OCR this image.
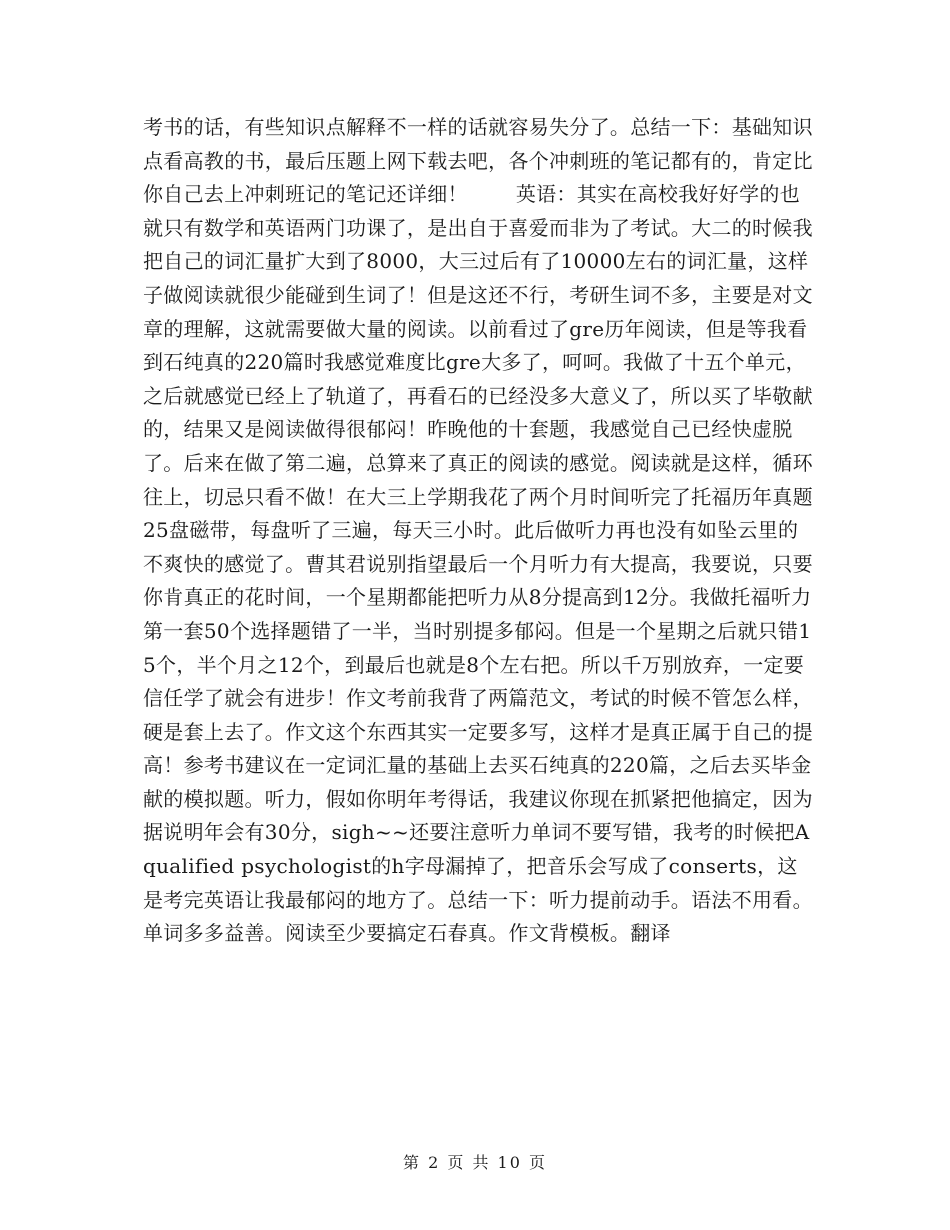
考书的话，有些知识点解释不一样的话就容易失分了。总结一下：基础知识点看高教的书，最后压题上网下载去吧，各个冲刺班的笔记都有的，肯定比你自己去上冲刺班记的笔记还详细！ 英语：其实在高校我好好学的也就只有数学和英语两门功课了，是出自于喜爱而非为了考试。大二的时候我把自己的词汇量扩大到了8000，大三过后有了10000左右的词汇量，这样子做阅读就很少能碰到生词了！但是这还不行，考研生词不多，主要是对文章的理解，这就需要做大量的阅读。以前看过了gre历年阅读，但是等我看到石纯真的220篇时我感觉难度比gre大多了，呵呵。我做了十五个单元，之后就感觉已经上了轨道了，再看石的已经没多大意义了，所以买了毕敬献的，结果又是阅读做得很郁闷！昨晚他的十套题，我感觉自己已经快虚脱了。后来在做了第二遍，总算来了真正的阅读的感觉。阅读就是这样，循环往上，切忌只看不做！在大三上学期我花了两个月时间听完了托福历年真题25盘磁带，每盘听了三遍，每天三小时。此后做听力再也没有如坠云里的不爽快的感觉了。曹其君说别指望最后一个月听力有大提高，我要说，只要你肯真正的花时间，一个星期都能把听力从8分提高到12分。我做托福听力第一套50个选择题错了一半，当时别提多郁闷。但是一个星期之后就只错15个，半个月之12个，到最后也就是8个左右把。所以千万别放弃，一定要信任学了就会有进步！作文考前我背了两篇范文，考试的时候不管怎么样，硬是套上去了。作文这个东西其实一定要多写，这样才是真正属于自己的提高！参考书建议在一定词汇量的基础上去买石纯真的220篇，之后去买毕金献的模拟题。听力，假如你明年考得话，我建议你现在抓紧把他搞定，因为据说明年会有30分，sigh~~还要注意听力单词不要写错，我考的时候把A qualified psychologist的h字母漏掉了，把音乐会写成了conserts，这是考完英语让我最郁闷的地方了。总结一下：听力提前动手。语法不用看。单词多多益善。阅读至少要搞定石春真。作文背模板。翻译

第 2 页 共 10 页
